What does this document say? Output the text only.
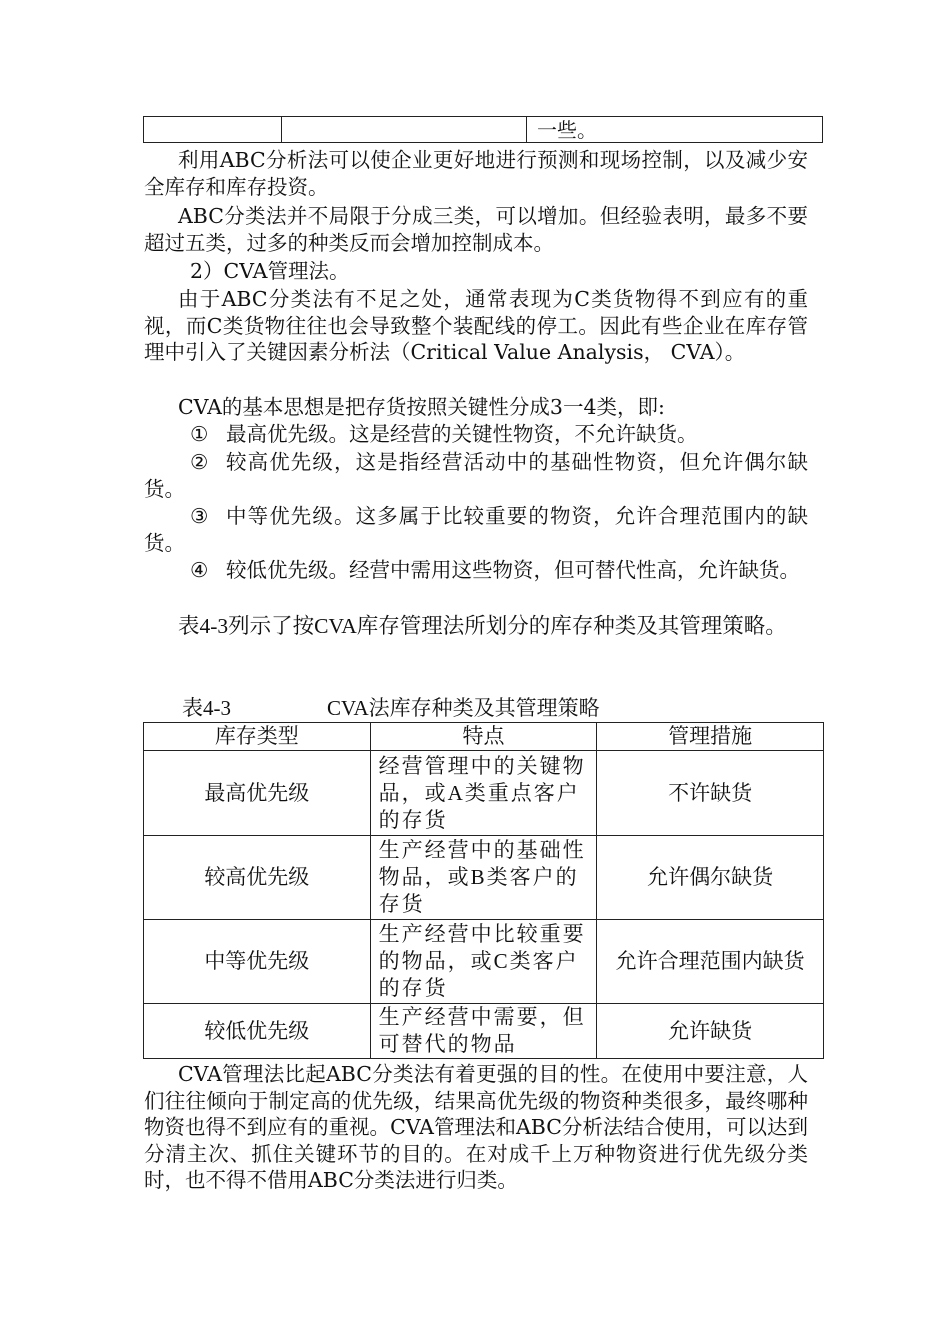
一些。

利用ABC分析法可以使企业更好地进行预测和现场控制，以及减少安全库存和库存投资。

ABC分类法并不局限于分成三类，可以增加。但经验表明，最多不要超过五类，过多的种类反而会增加控制成本。

2）CVA管理法。

由于ABC分类法有不足之处，通常表现为C类货物得不到应有的重视，而C类货物往往也会导致整个装配线的停工。因此有些企业在库存管理中引入了关键因素分析法（Critical Value Analysis， CVA）。

CVA的基本思想是把存货按照关键性分成3一4类，即:

① 最高优先级。这是经营的关键性物资，不允许缺货。

② 较高优先级，这是指经营活动中的基础性物资，但允许偶尔缺货。

③ 中等优先级。这多属于比较重要的物资，允许合理范围内的缺货。

④ 较低优先级。经营中需用这些物资，但可替代性高，允许缺货。

表4-3列示了按CVA库存管理法所划分的库存种类及其管理策略。

表4-3	CVA法库存种类及其管理策略
库存类型	特点	管理措施
最高优先级	经营管理中的关键物品，或A类重点客户的存货	不许缺货
较高优先级	生产经营中的基础性物品，或B类客户的存货	允许偶尔缺货
中等优先级	生产经营中比较重要的物品，或C类客户的存货	允许合理范围内缺货
较低优先级	生产经营中需要，但可替代的物品	允许缺货

CVA管理法比起ABC分类法有着更强的目的性。在使用中要注意，人们往往倾向于制定高的优先级，结果高优先级的物资种类很多，最终哪种物资也得不到应有的重视。CVA管理法和ABC分析法结合使用，可以达到分清主次、抓住关键环节的目的。在对成千上万种物资进行优先级分类时，也不得不借用ABC分类法进行归类。
